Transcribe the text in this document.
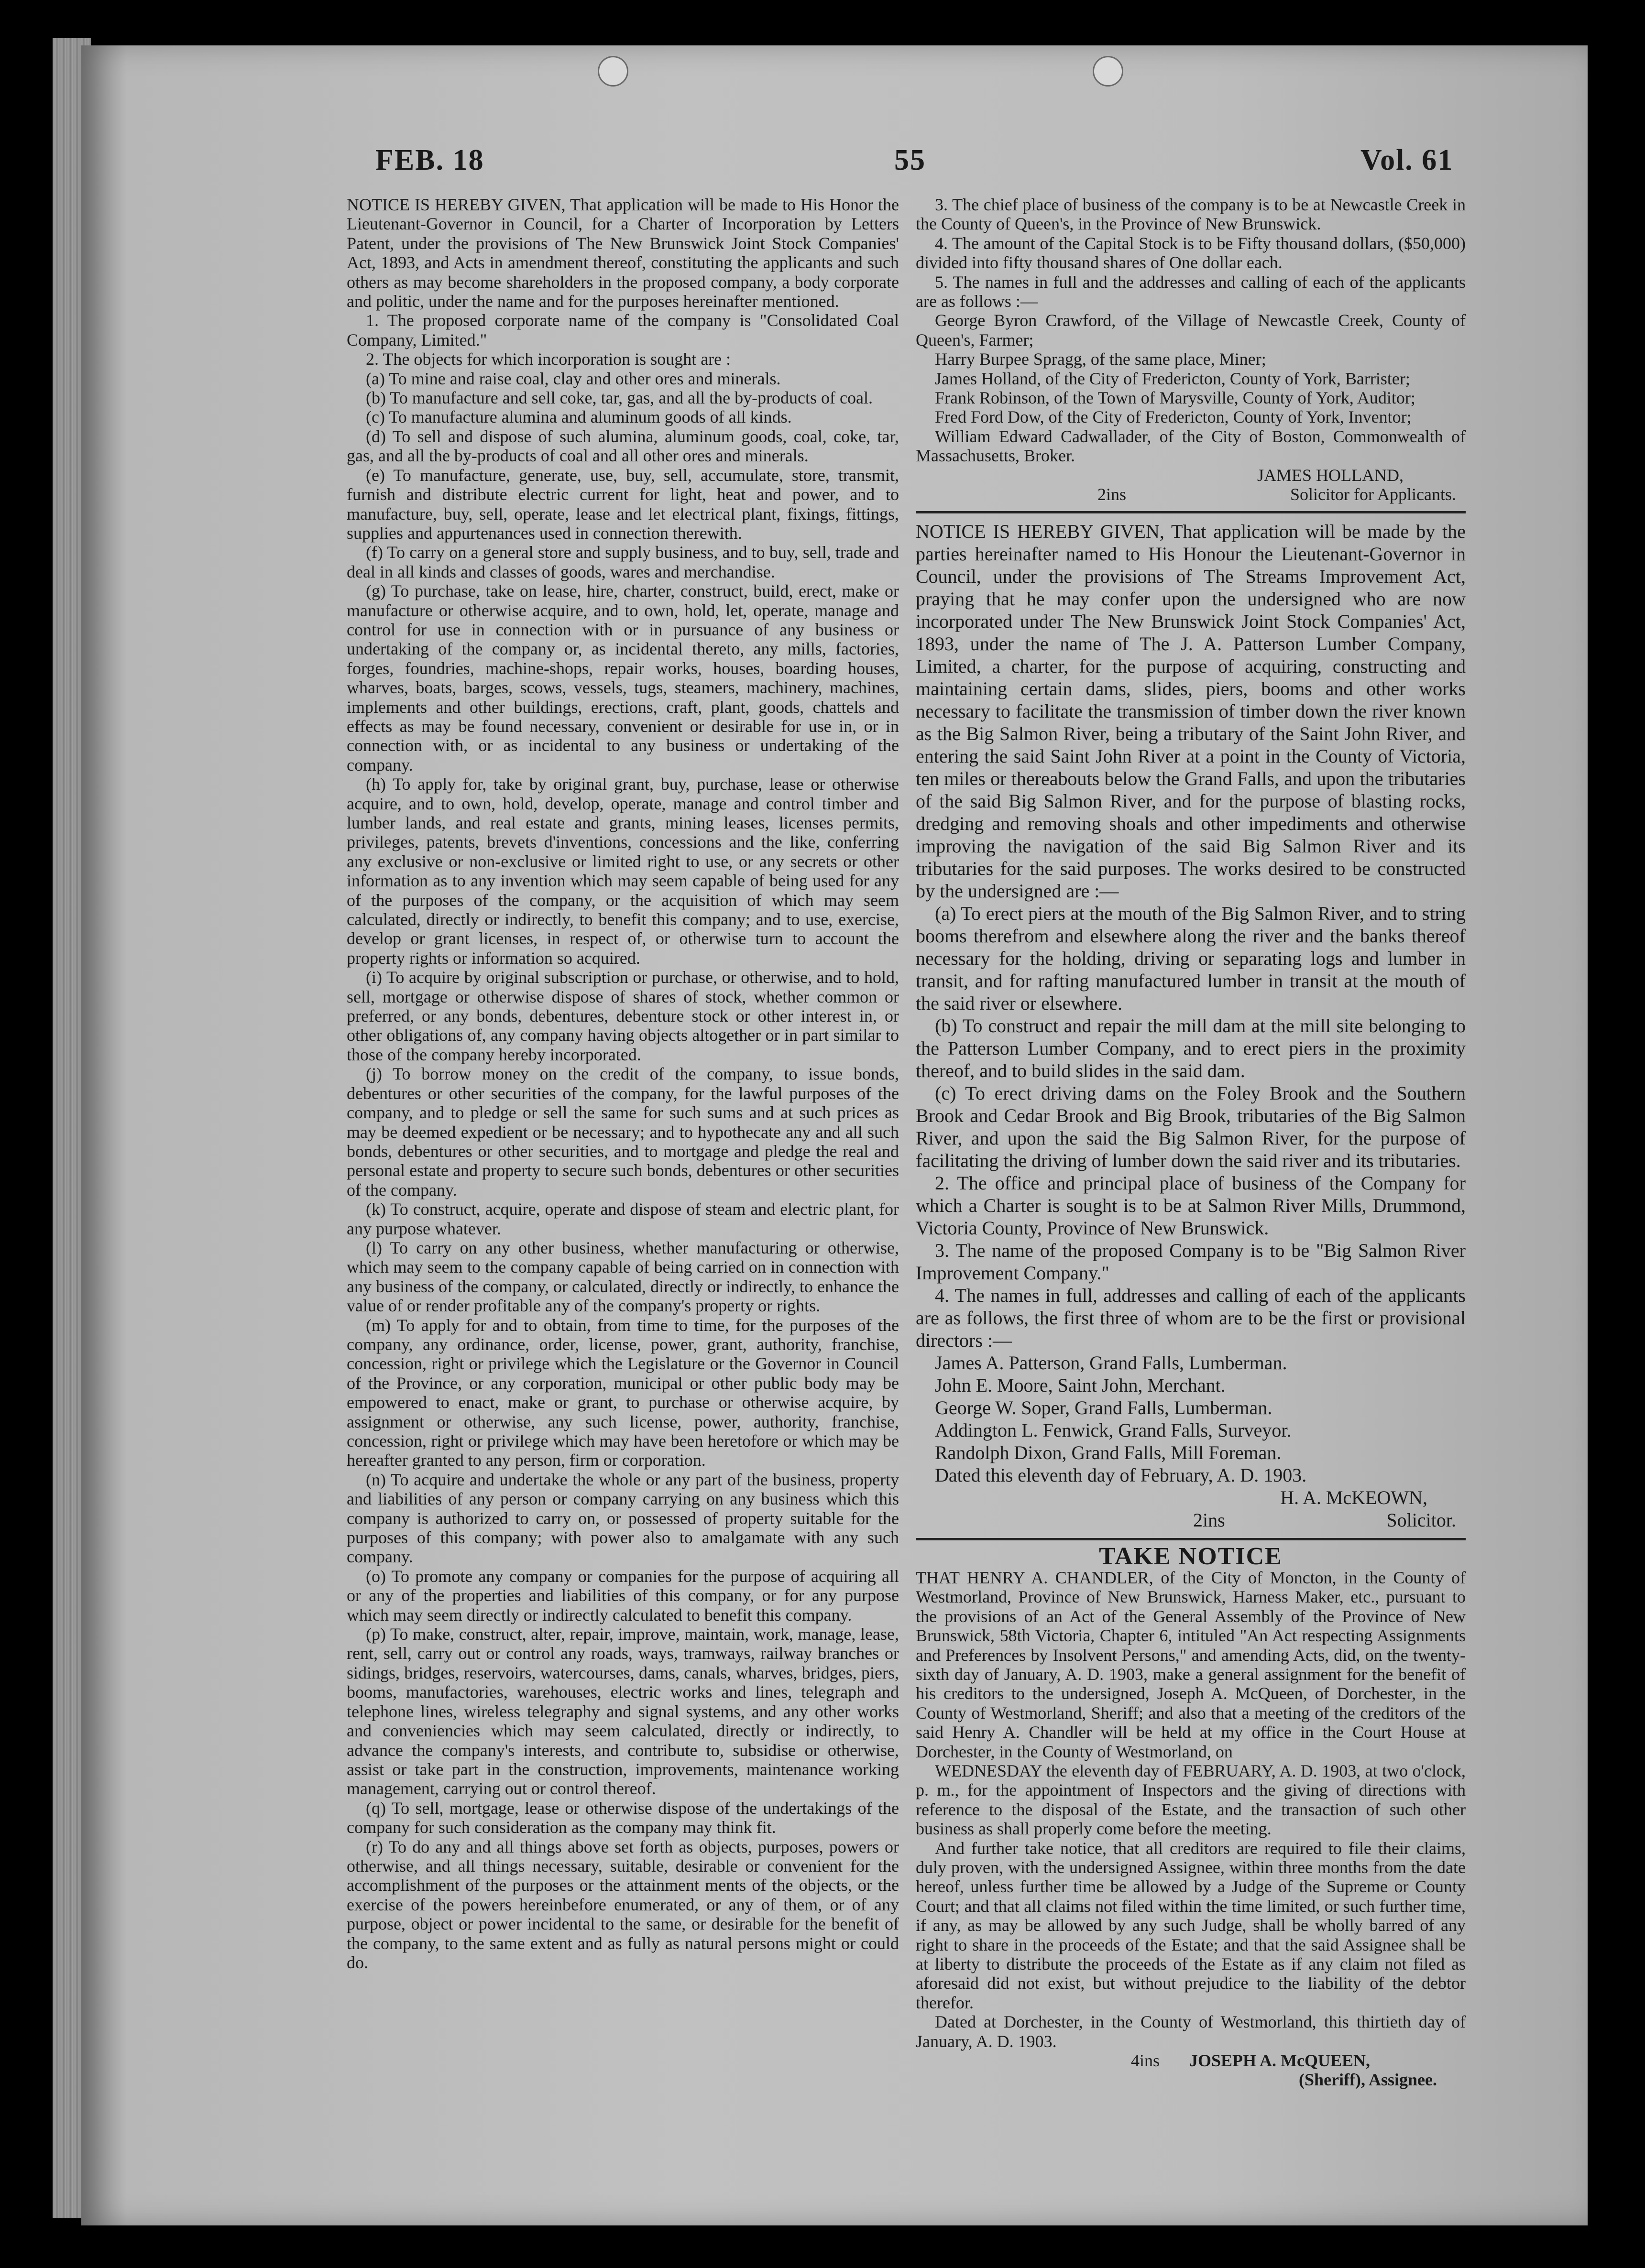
FEB. 18	55	Vol. 61

NOTICE IS HEREBY GIVEN, That application will be made to His Honor the Lieutenant-Governor in Council, for a Charter of Incorporation by Letters Patent, under the provisions of The New Brunswick Joint Stock Companies' Act, 1893, and Acts in amendment thereof, constituting the applicants and such others as may become shareholders in the proposed company, a body corporate and politic, under the name and for the purposes hereinafter mentioned.

1. The proposed corporate name of the company is "Consolidated Coal Company, Limited."

2. The objects for which incorporation is sought are :

(a) To mine and raise coal, clay and other ores and minerals.

(b) To manufacture and sell coke, tar, gas, and all the by-products of coal.

(c) To manufacture alumina and aluminum goods of all kinds.

(d) To sell and dispose of such alumina, aluminum goods, coal, coke, tar, gas, and all the by-products of coal and all other ores and minerals.

(e) To manufacture, generate, use, buy, sell, accumulate, store, transmit, furnish and distribute electric current for light, heat and power, and to manufacture, buy, sell, operate, lease and let electrical plant, fixings, fittings, supplies and appurtenances used in connection therewith.

(f) To carry on a general store and supply business, and to buy, sell, trade and deal in all kinds and classes of goods, wares and merchandise.

(g) To purchase, take on lease, hire, charter, construct, build, erect, make or manufacture or otherwise acquire, and to own, hold, let, operate, manage and control for use in connection with or in pursuance of any business or undertaking of the company or, as incidental thereto, any mills, factories, forges, foundries, machine-shops, repair works, houses, boarding houses, wharves, boats, barges, scows, vessels, tugs, steamers, machinery, machines, implements and other buildings, erections, craft, plant, goods, chattels and effects as may be found necessary, convenient or desirable for use in, or in connection with, or as incidental to any business or undertaking of the company.

(h) To apply for, take by original grant, buy, purchase, lease or otherwise acquire, and to own, hold, develop, operate, manage and control timber and lumber lands, and real estate and grants, mining leases, licenses permits, privileges, patents, brevets d'inventions, concessions and the like, conferring any exclusive or non-exclusive or limited right to use, or any secrets or other information as to any invention which may seem capable of being used for any of the purposes of the company, or the acquisition of which may seem calculated, directly or indirectly, to benefit this company; and to use, exercise, develop or grant licenses, in respect of, or otherwise turn to account the property rights or information so acquired.

(i) To acquire by original subscription or purchase, or otherwise, and to hold, sell, mortgage or otherwise dispose of shares of stock, whether common or preferred, or any bonds, debentures, debenture stock or other interest in, or other obligations of, any company having objects altogether or in part similar to those of the company hereby incorporated.

(j) To borrow money on the credit of the company, to issue bonds, debentures or other securities of the company, for the lawful purposes of the company, and to pledge or sell the same for such sums and at such prices as may be deemed expedient or be necessary; and to hypothecate any and all such bonds, debentures or other securities, and to mortgage and pledge the real and personal estate and property to secure such bonds, debentures or other securities of the company.

(k) To construct, acquire, operate and dispose of steam and electric plant, for any purpose whatever.

(l) To carry on any other business, whether manufacturing or otherwise, which may seem to the company capable of being carried on in connection with any business of the company, or calculated, directly or indirectly, to enhance the value of or render profitable any of the company's property or rights.

(m) To apply for and to obtain, from time to time, for the purposes of the company, any ordinance, order, license, power, grant, authority, franchise, concession, right or privilege which the Legislature or the Governor in Council of the Province, or any corporation, municipal or other public body may be empowered to enact, make or grant, to purchase or otherwise acquire, by assignment or otherwise, any such license, power, authority, franchise, concession, right or privilege which may have been heretofore or which may be hereafter granted to any person, firm or corporation.

(n) To acquire and undertake the whole or any part of the business, property and liabilities of any person or company carrying on any business which this company is authorized to carry on, or possessed of property suitable for the purposes of this company; with power also to amalgamate with any such company.

(o) To promote any company or companies for the purpose of acquiring all or any of the properties and liabilities of this company, or for any purpose which may seem directly or indirectly calculated to benefit this company.

(p) To make, construct, alter, repair, improve, maintain, work, manage, lease, rent, sell, carry out or control any roads, ways, tramways, railway branches or sidings, bridges, reservoirs, watercourses, dams, canals, wharves, bridges, piers, booms, manufactories, warehouses, electric works and lines, telegraph and telephone lines, wireless telegraphy and signal systems, and any other works and conveniencies which may seem calculated, directly or indirectly, to advance the company's interests, and contribute to, subsidise or otherwise, assist or take part in the construction, improvements, maintenance working management, carrying out or control thereof.

(q) To sell, mortgage, lease or otherwise dispose of the undertakings of the company for such consideration as the company may think fit.

(r) To do any and all things above set forth as objects, purposes, powers or otherwise, and all things necessary, suitable, desirable or convenient for the accomplishment of the purposes or the attainment ments of the objects, or the exercise of the powers hereinbefore enumerated, or any of them, or of any purpose, object or power incidental to the same, or desirable for the benefit of the company, to the same extent and as fully as natural persons might or could do.

3. The chief place of business of the company is to be at Newcastle Creek in the County of Queen's, in the Province of New Brunswick.

4. The amount of the Capital Stock is to be Fifty thousand dollars, ($50,000) divided into fifty thousand shares of One dollar each.

5. The names in full and the addresses and calling of each of the applicants are as follows :—

George Byron Crawford, of the Village of Newcastle Creek, County of Queen's, Farmer;

Harry Burpee Spragg, of the same place, Miner;

James Holland, of the City of Fredericton, County of York, Barrister;

Frank Robinson, of the Town of Marysville, County of York, Auditor;

Fred Ford Dow, of the City of Fredericton, County of York, Inventor;

William Edward Cadwallader, of the City of Boston, Commonwealth of Massachusetts, Broker.

JAMES HOLLAND,

2ins	Solicitor for Applicants.

NOTICE IS HEREBY GIVEN, That application will be made by the parties hereinafter named to His Honour the Lieutenant-Governor in Council, under the provisions of The Streams Improvement Act, praying that he may confer upon the undersigned who are now incorporated under The New Brunswick Joint Stock Companies' Act, 1893, under the name of The J. A. Patterson Lumber Company, Limited, a charter, for the purpose of acquiring, constructing and maintaining certain dams, slides, piers, booms and other works necessary to facilitate the transmission of timber down the river known as the Big Salmon River, being a tributary of the Saint John River, and entering the said Saint John River at a point in the County of Victoria, ten miles or thereabouts below the Grand Falls, and upon the tributaries of the said Big Salmon River, and for the purpose of blasting rocks, dredging and removing shoals and other impediments and otherwise improving the navigation of the said Big Salmon River and its tributaries for the said purposes. The works desired to be constructed by the undersigned are :—

(a) To erect piers at the mouth of the Big Salmon River, and to string booms therefrom and elsewhere along the river and the banks thereof necessary for the holding, driving or separating logs and lumber in transit, and for rafting manufactured lumber in transit at the mouth of the said river or elsewhere.

(b) To construct and repair the mill dam at the mill site belonging to the Patterson Lumber Company, and to erect piers in the proximity thereof, and to build slides in the said dam.

(c) To erect driving dams on the Foley Brook and the Southern Brook and Cedar Brook and Big Brook, tributaries of the Big Salmon River, and upon the said the Big Salmon River, for the purpose of facilitating the driving of lumber down the said river and its tributaries.

2. The office and principal place of business of the Company for which a Charter is sought is to be at Salmon River Mills, Drummond, Victoria County, Province of New Brunswick.

3. The name of the proposed Company is to be "Big Salmon River Improvement Company."

4. The names in full, addresses and calling of each of the applicants are as follows, the first three of whom are to be the first or provisional directors :—

James A. Patterson, Grand Falls, Lumberman.

John E. Moore, Saint John, Merchant.

George W. Soper, Grand Falls, Lumberman.

Addington L. Fenwick, Grand Falls, Surveyor.

Randolph Dixon, Grand Falls, Mill Foreman.

Dated this eleventh day of February, A. D. 1903.

H. A. McKEOWN,

2ins	Solicitor.
TAKE NOTICE

THAT HENRY A. CHANDLER, of the City of Moncton, in the County of Westmorland, Province of New Brunswick, Harness Maker, etc., pursuant to the provisions of an Act of the General Assembly of the Province of New Brunswick, 58th Victoria, Chapter 6, intituled "An Act respecting Assignments and Preferences by Insolvent Persons," and amending Acts, did, on the twenty-sixth day of January, A. D. 1903, make a general assignment for the benefit of his creditors to the undersigned, Joseph A. McQueen, of Dorchester, in the County of Westmorland, Sheriff; and also that a meeting of the creditors of the said Henry A. Chandler will be held at my office in the Court House at Dorchester, in the County of Westmorland, on

WEDNESDAY the eleventh day of FEBRUARY, A. D. 1903, at two o'clock, p. m., for the appointment of Inspectors and the giving of directions with reference to the disposal of the Estate, and the transaction of such other business as shall properly come before the meeting.

And further take notice, that all creditors are required to file their claims, duly proven, with the undersigned Assignee, within three months from the date hereof, unless further time be allowed by a Judge of the Supreme or County Court; and that all claims not filed within the time limited, or such further time, if any, as may be allowed by any such Judge, shall be wholly barred of any right to share in the proceeds of the Estate; and that the said Assignee shall be at liberty to distribute the proceeds of the Estate as if any claim not filed as aforesaid did not exist, but without prejudice to the liability of the debtor therefor.

Dated at Dorchester, in the County of Westmorland, this thirtieth day of January, A. D. 1903.

4ins JOSEPH A. McQUEEN,

(Sheriff), Assignee.
